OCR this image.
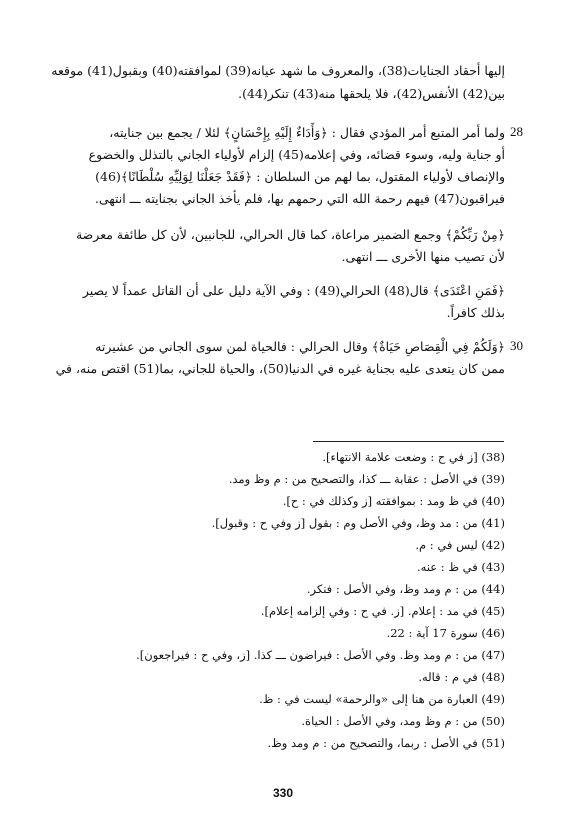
إليها أحقاد الجنايات(38)، والمعروف ما شهد عيانه(39) لموافقته(40) وبقبول(41) موقعه
بين(42) الأنفس(42)، فلا يلحقها منه(43) تنكر(44).
ولما أمر المتبع أمر المؤدي فقال : ﴿وَأَدَاءٌ إِلَيْهِ بِإِحْسَانٍ﴾ لئلا / يجمع بين جنايته،
أو جناية وليه، وسوء قضائه، وفي إعلامه(45) إلزام لأولياء الجاني بالتذلل والخضوع
والإنصاف لأولياء المقتول، بما لهم من السلطان : ﴿فَقَدْ جَعَلْنَا لِوَلِيِّهِ سُلْطَانًا﴾(46)
فيراقبون(47) فيهم رحمة الله التي رحمهم بها، فلم يأخذ الجاني بجنايته ـــ انتهى.
﴿مِنْ رَبِّكُمْ﴾ وجمع الضمير مراعاة، كما قال الحرالي، للجانبين، لأن كل طائفة معرضة
لأن تصيب منها الأخرى ـــ انتهى.
﴿فَمَنِ اعْتَدَى﴾ قال(48) الحرالي(49) : وفي الآية دليل على أن القاتل عمداً لا يصير
بذلك كافراً.
﴿وَلَكُمْ فِي الْقِصَاصِ حَيَاةٌ﴾ وقال الحرالي : فالحياة لمن سوى الجاني من عشيرته
ممن كان يتعدى عليه بجناية غيره في الدنيا(50)، والحياة للجاني، بما(51) اقتص منه، في
28
30
(38) [ز في ح : وضعت علامة الانتهاء].
(39) في الأصل : عقابة ـــ كذا، والتصحيح من : م وظ ومد.
(40) في ظ ومد : بموافقته [ز وكذلك في : ح].
(41) من : مد وظ، وفي الأصل وم : بقول [ز وفي ح : وقبول].
(42) ليس في : م.
(43) في ظ : عنه.
(44) من : م ومد وظ، وفي الأصل : فنكر.
(45) في مد : إعلام. [ز. في ح : وفي إلزامه إعلام].
(46) سورة 17 آية : 22.
(47) من : م ومد وظ. وفي الأصل : فيراضون ـــ كذا. [ز، وفي ح : فيراجعون].
(48) في م : قاله.
(49) العبارة من هنا إلى «والرحمة» ليست في : ظ.
(50) من : م وظ ومد، وفي الأصل : الحياة.
(51) في الأصل : ربما، والتصحيح من : م ومد وظ.
330
